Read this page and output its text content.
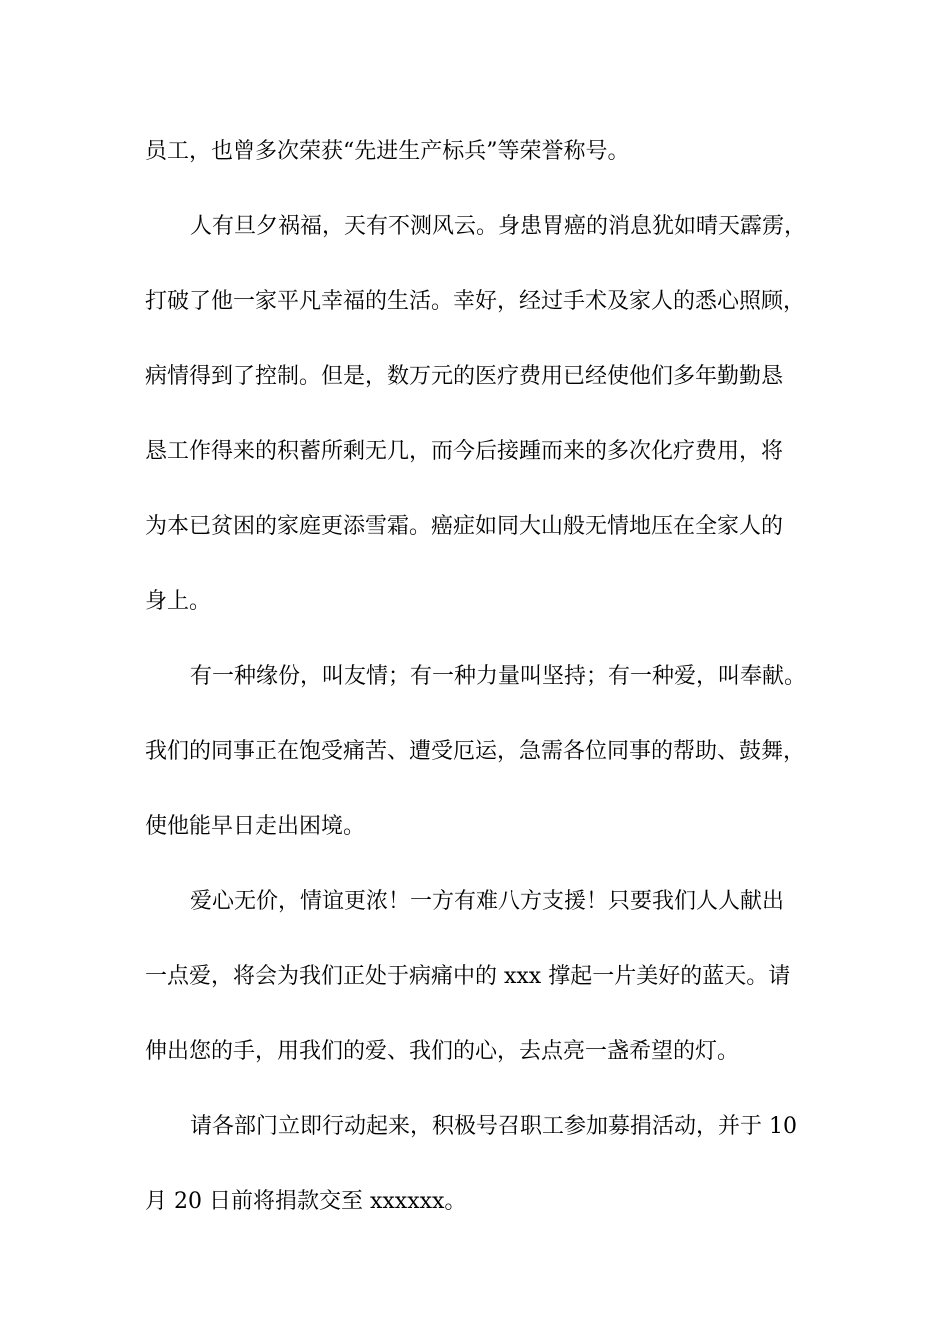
员工，也曾多次荣获“先进生产标兵”等荣誉称号。
人有旦夕祸福，天有不测风云。身患胃癌的消息犹如晴天霹雳，
打破了他一家平凡幸福的生活。幸好，经过手术及家人的悉心照顾，
病情得到了控制。但是，数万元的医疗费用已经使他们多年勤勤恳
恳工作得来的积蓄所剩无几，而今后接踵而来的多次化疗费用，将
为本已贫困的家庭更添雪霜。癌症如同大山般无情地压在全家人的
身上。
有一种缘份，叫友情；有一种力量叫坚持；有一种爱，叫奉献。
我们的同事正在饱受痛苦、遭受厄运，急需各位同事的帮助、鼓舞，
使他能早日走出困境。
爱心无价，情谊更浓！一方有难八方支援！只要我们人人献出
一点爱，将会为我们正处于病痛中的 xxx 撑起一片美好的蓝天。请
伸出您的手，用我们的爱、我们的心，去点亮一盏希望的灯。
请各部门立即行动起来，积极号召职工参加募捐活动，并于 10
月 20 日前将捐款交至 xxxxxx。
